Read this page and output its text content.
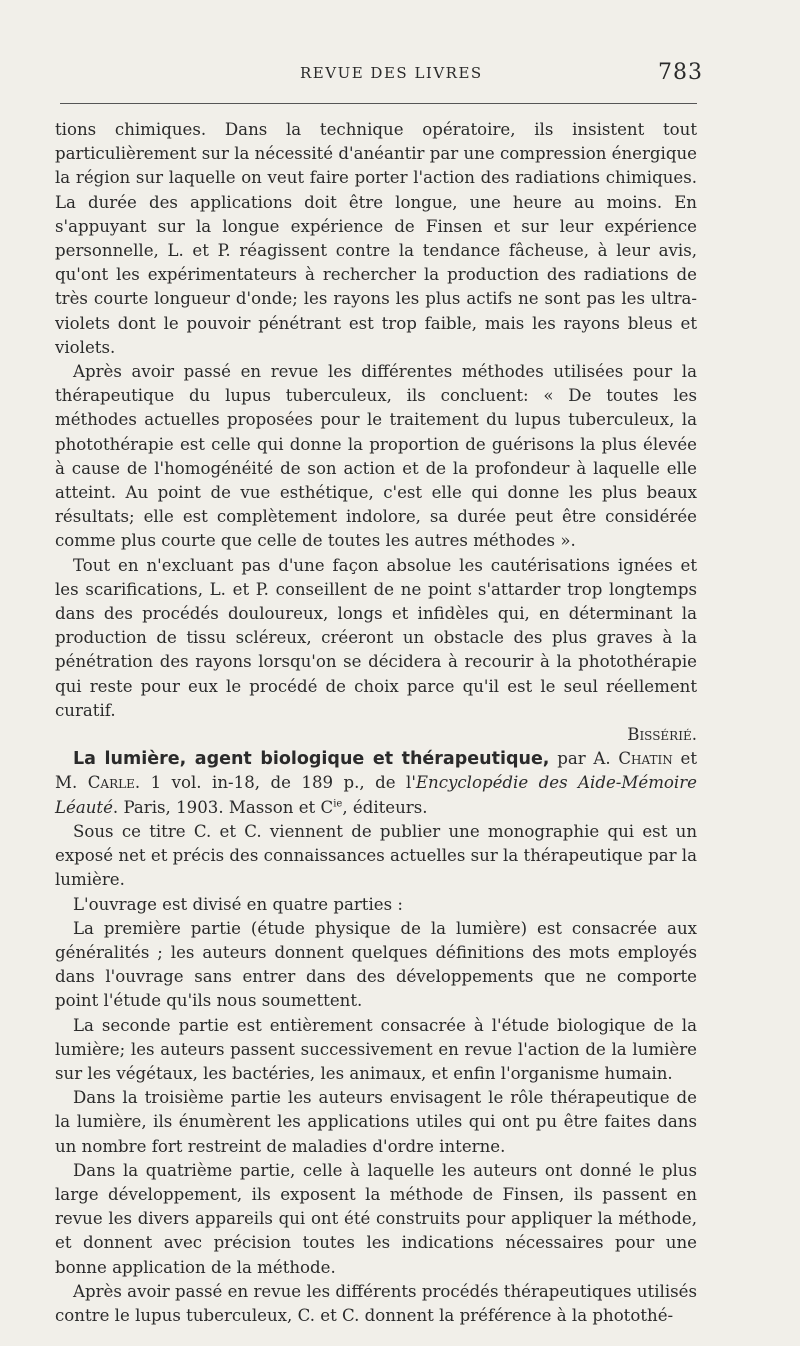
REVUE DES LIVRES	783

tions chimiques. Dans la technique opératoire, ils insistent tout particulièrement sur la nécessité d'anéantir par une compression énergique la région sur laquelle on veut faire porter l'action des radiations chimiques. La durée des applications doit être longue, une heure au moins. En s'appuyant sur la longue expérience de Finsen et sur leur expérience personnelle, L. et P. réagissent contre la tendance fâcheuse, à leur avis, qu'ont les expérimentateurs à rechercher la production des radiations de très courte longueur d'onde; les rayons les plus actifs ne sont pas les ultra-violets dont le pouvoir pénétrant est trop faible, mais les rayons bleus et violets.

Après avoir passé en revue les différentes méthodes utilisées pour la thérapeutique du lupus tuberculeux, ils concluent: « De toutes les méthodes actuelles proposées pour le traitement du lupus tuberculeux, la photothérapie est celle qui donne la proportion de guérisons la plus élevée à cause de l'homogénéité de son action et de la profondeur à laquelle elle atteint. Au point de vue esthétique, c'est elle qui donne les plus beaux résultats; elle est complètement indolore, sa durée peut être considérée comme plus courte que celle de toutes les autres méthodes ».

Tout en n'excluant pas d'une façon absolue les cautérisations ignées et les scarifications, L. et P. conseillent de ne point s'attarder trop longtemps dans des procédés douloureux, longs et infidèles qui, en déterminant la production de tissu scléreux, créeront un obstacle des plus graves à la pénétration des rayons lorsqu'on se décidera à recourir à la photothérapie qui reste pour eux le procédé de choix parce qu'il est le seul réellement curatif.

Bissérié.

La lumière, agent biologique et thérapeutique, par A. Chatin et M. Carle. 1 vol. in-18, de 189 p., de l'Encyclopédie des Aide-Mémoire Léauté. Paris, 1903. Masson et $C^{ie}$, éditeurs.

Sous ce titre C. et C. viennent de publier une monographie qui est un exposé net et précis des connaissances actuelles sur la thérapeutique par la lumière.

L'ouvrage est divisé en quatre parties :

La première partie (étude physique de la lumière) est consacrée aux généralités ; les auteurs donnent quelques définitions des mots employés dans l'ouvrage sans entrer dans des développements que ne comporte point l'étude qu'ils nous soumettent.

La seconde partie est entièrement consacrée à l'étude biologique de la lumière; les auteurs passent successivement en revue l'action de la lumière sur les végétaux, les bactéries, les animaux, et enfin l'organisme humain.

Dans la troisième partie les auteurs envisagent le rôle thérapeutique de la lumière, ils énumèrent les applications utiles qui ont pu être faites dans un nombre fort restreint de maladies d'ordre interne.

Dans la quatrième partie, celle à laquelle les auteurs ont donné le plus large développement, ils exposent la méthode de Finsen, ils passent en revue les divers appareils qui ont été construits pour appliquer la méthode, et donnent avec précision toutes les indications nécessaires pour une bonne application de la méthode.

Après avoir passé en revue les différents procédés thérapeutiques utilisés contre le lupus tuberculeux, C. et C. donnent la préférence à la photothé-
